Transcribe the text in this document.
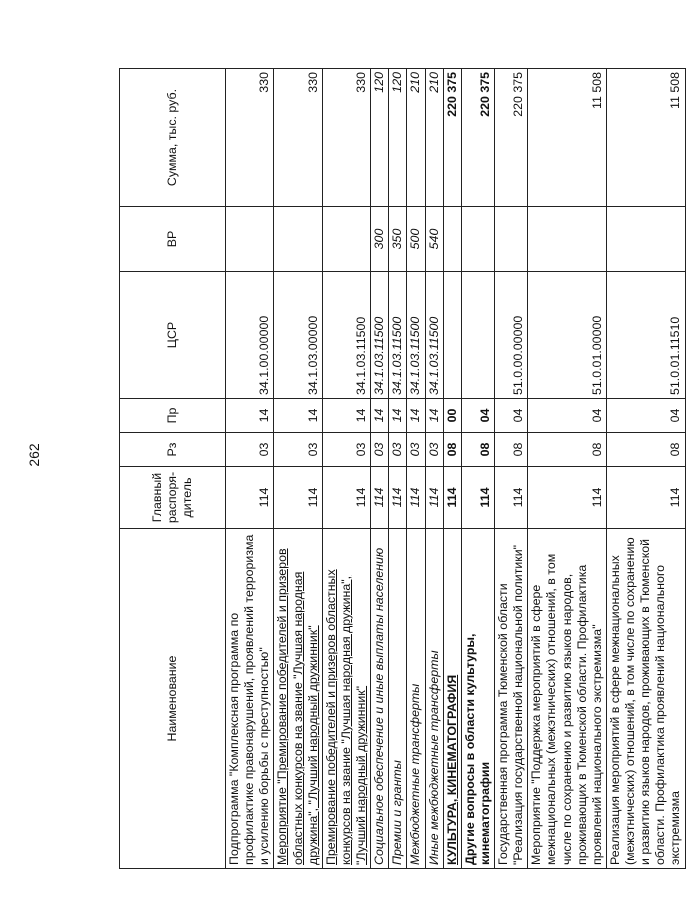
262
Наименование	Главный распоря-дитель	Рз	Пр	ЦСР	ВР	Сумма, тыс. руб.
Подпрограмма "Комплексная программа по профилактике правонарушений, проявлений терроризма и усилению борьбы с преступностью"	114	03	14	34.1.00.00000		330
Мероприятие "Премирование победителей и призеров областных конкурсов на звание "Лучшая народная дружина", "Лучший народный дружинник"	114	03	14	34.1.03.00000		330
Премирование победителей и призеров областных конкурсов на звание "Лучшая народная дружина", "Лучший народный дружинник"	114	03	14	34.1.03.11500		330
Социальное обеспечение и иные выплаты населению	114	03	14	34.1.03.11500	300	120
Премии и гранты	114	03	14	34.1.03.11500	350	120
Межбюджетные трансферты	114	03	14	34.1.03.11500	500	210
Иные межбюджетные трансферты	114	03	14	34.1.03.11500	540	210
КУЛЬТУРА, КИНЕМАТОГРАФИЯ	114	08	00			220 375
Другие вопросы в области культуры, кинематографии	114	08	04			220 375
Государственная программа Тюменской области "Реализация государственной национальной политики"	114	08	04	51.0.00.00000		220 375
Мероприятие "Поддержка мероприятий в сфере межнациональных (межэтнических) отношений, в том числе по сохранению и развитию языков народов, проживающих в Тюменской области. Профилактика проявлений национального экстремизма"	114	08	04	51.0.01.00000		11 508
Реализация мероприятий в сфере межнациональных (межэтнических) отношений, в том числе по сохранению и развитию языков народов, проживающих в Тюменской области. Профилактика проявлений национального экстремизма	114	08	04	51.0.01.11510		11 508
